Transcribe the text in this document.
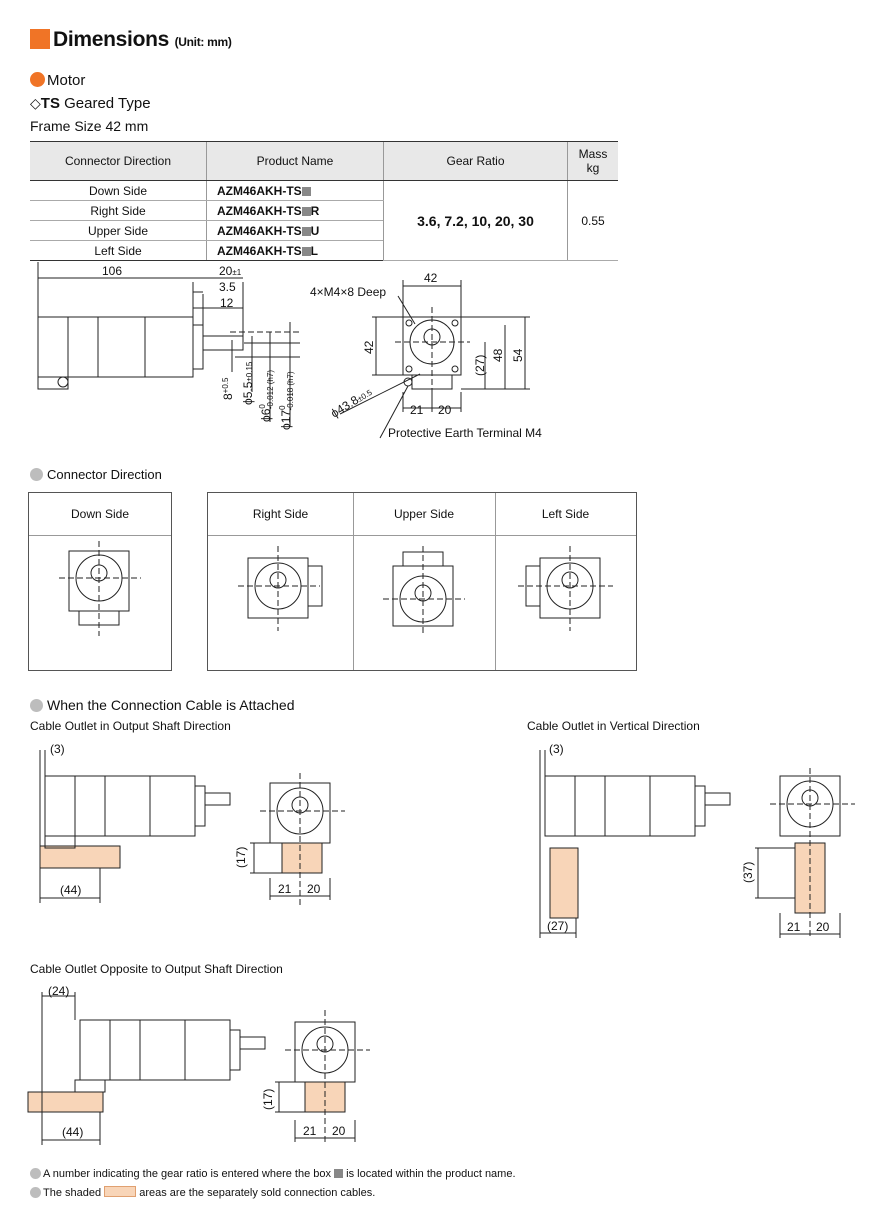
Dimensions (Unit: mm)
Motor
◇TS Geared Type
Frame Size 42 mm
Connector Direction	Product Name	Gear Ratio	Mass
kg
Down Side	AZM46AKH-TS	3.6, 7.2, 10, 20, 30	0.55
Right Side	AZM46AKH-TS R		
Upper Side	AZM46AKH-TS U		
Left Side	AZM46AKH-TS L		
106	20±1
3.5
12
$8^{+0.5}$ ϕ5.5±0.15
$\phi 6^0-0.012$ (h7)
$\phi 17^0-0.018$ (h7)
42
4×M4×8 Deep
42
(27) 48 54
ϕ43.8±0.5
21 20
Protective Earth Terminal M4
Connector Direction
Down Side	Right Side	Upper Side	Left Side
When the Connection Cable is Attached
Cable Outlet in Output Shaft Direction	Cable Outlet in Vertical Direction
(3)
(44)
(17)
21 20
(3)
(27)
(37)
21 20
Cable Outlet Opposite to Output Shaft Direction
(24)
(44)
(17)
21 20
A number indicating the gear ratio is entered where the box is located within the product name.
The shaded	areas are the separately sold connection cables.
